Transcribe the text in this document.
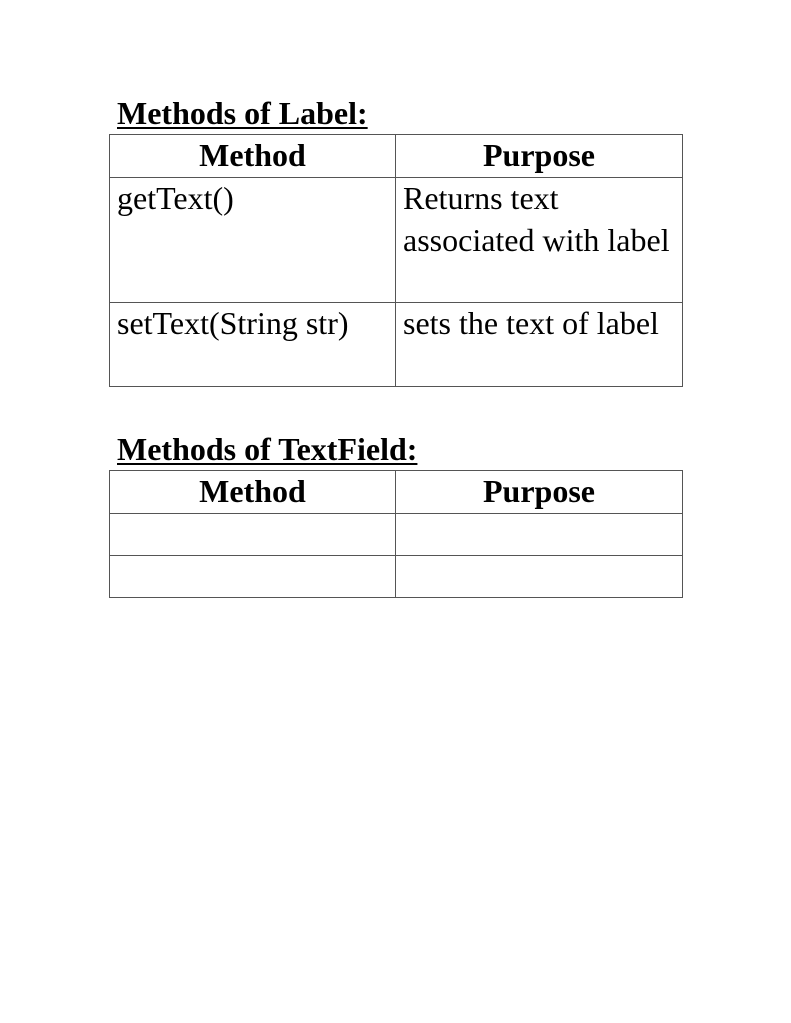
Methods of Label:
Method	Purpose
getText()	Returns text associated with label
setText(String str)	sets the text of label
Methods of TextField:
Method	Purpose
